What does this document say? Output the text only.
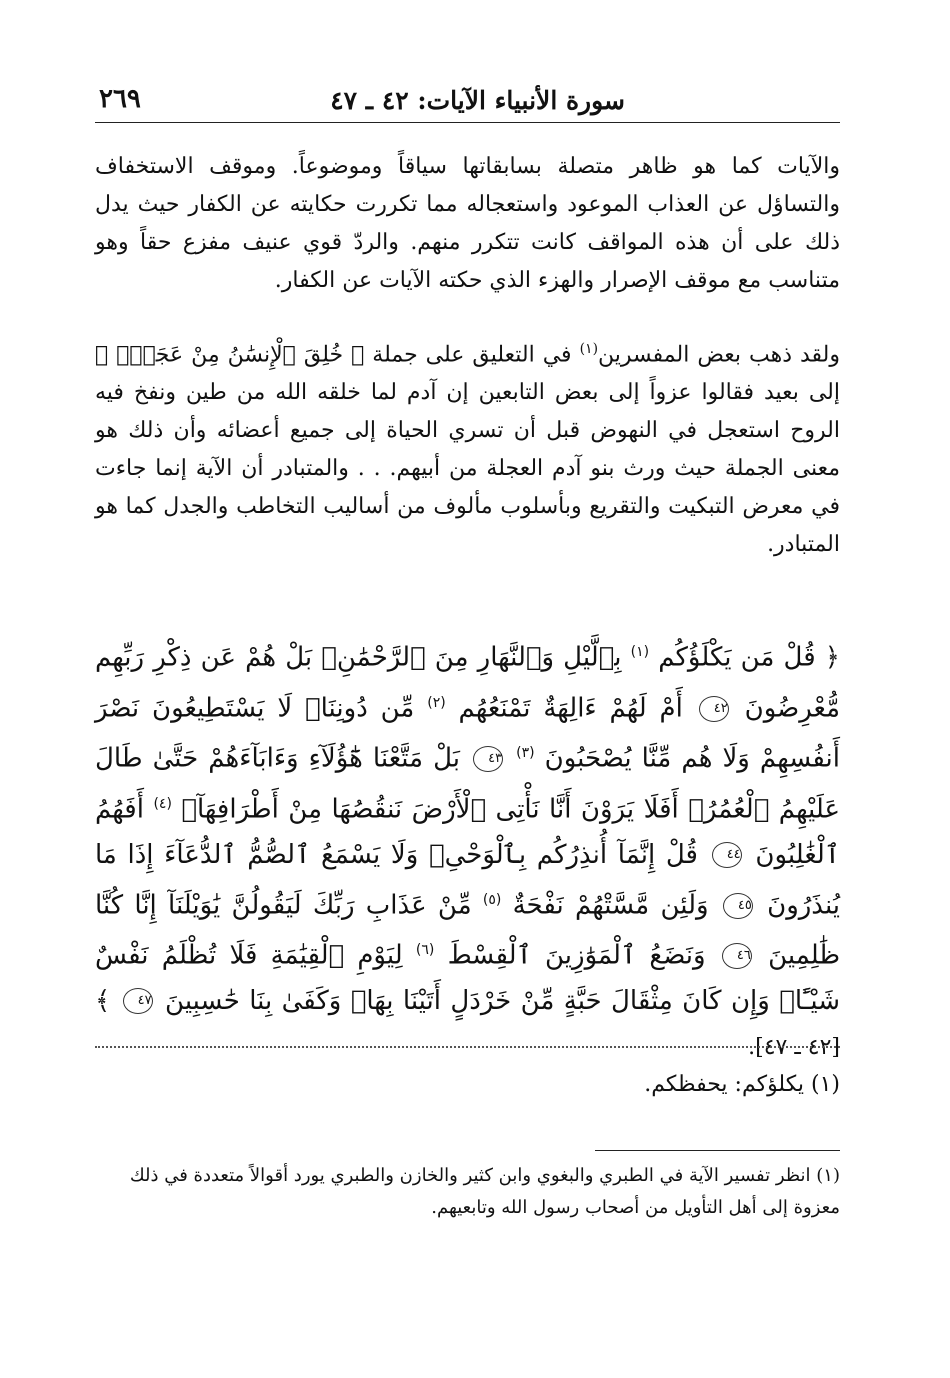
سورة الأنبياء الآيات: ٤٢ ـ ٤٧
٢٦٩

والآيات كما هو ظاهر متصلة بسابقاتها سياقاً وموضوعاً. وموقف الاستخفاف والتساؤل عن العذاب الموعود واستعجاله مما تكررت حكايته عن الكفار حيث يدل ذلك على أن هذه المواقف كانت تتكرر منهم. والردّ قوي عنيف مفزع حقاً وهو متناسب مع موقف الإصرار والهزء الذي حكته الآيات عن الكفار.

ولقد ذهب بعض المفسرين$^{(١)}$ في التعليق على جملة ﴿ خُلِقَ ٱلْإِنسَٰنُ مِنْ عَجَلٍۚ ﴾ إلى بعيد فقالوا عزواً إلى بعض التابعين إن آدم لما خلقه الله من طين ونفخ فيه الروح استعجل في النهوض قبل أن تسري الحياة إلى جميع أعضائه وأن ذلك هو معنى الجملة حيث ورث بنو آدم العجلة من أبيهم. . . والمتبادر أن الآية إنما جاءت في معرض التبكيت والتقريع وبأسلوب مألوف من أساليب التخاطب والجدل كما هو المتبادر.

﴿ قُلْ مَن يَكْلَؤُكُم $^{(١)}$ بِٱلَّيْلِ وَٱلنَّهَارِ مِنَ ٱلرَّحْمَٰنِۗ بَلْ هُمْ عَن ذِكْرِ رَبِّهِم مُّعْرِضُونَ ٤٢ أَمْ لَهُمْ ءَالِهَةٌ تَمْنَعُهُم $^{(٢)}$ مِّن دُونِنَاۚ لَا يَسْتَطِيعُونَ نَصْرَ أَنفُسِهِمْ وَلَا هُم مِّنَّا يُصْحَبُونَ $^{(٣)}$ ٤٣ بَلْ مَتَّعْنَا هَٰٓؤُلَآءِ وَءَابَآءَهُمْ حَتَّىٰ طَالَ عَلَيْهِمُ ٱلْعُمُرُۗ أَفَلَا يَرَوْنَ أَنَّا نَأْتِى ٱلْأَرْضَ نَنقُصُهَا مِنْ أَطْرَافِهَآۚ $^{(٤)}$ أَفَهُمُ ٱلْغَٰلِبُونَ ٤٤ قُلْ إِنَّمَآ أُنذِرُكُم بِٱلْوَحْىِۚ وَلَا يَسْمَعُ ٱلصُّمُّ ٱلدُّعَآءَ إِذَا مَا يُنذَرُونَ ٤٥ وَلَئِن مَّسَّتْهُمْ نَفْحَةٌ $^{(٥)}$ مِّنْ عَذَابِ رَبِّكَ لَيَقُولُنَّ يَٰوَيْلَنَآ إِنَّا كُنَّا ظَٰلِمِينَ ٤٦ وَنَضَعُ ٱلْمَوَٰزِينَ ٱلْقِسْطَ $^{(٦)}$ لِيَوْمِ ٱلْقِيَٰمَةِ فَلَا تُظْلَمُ نَفْسٌ شَيْـًٔاۖ وَإِن كَانَ مِثْقَالَ حَبَّةٍ مِّنْ خَرْدَلٍ أَتَيْنَا بِهَاۗ وَكَفَىٰ بِنَا حَٰسِبِينَ ٤٧ ﴾ [٤٢ ـ ٤٧].

(١) يكلؤكم: يحفظكم.

(١) انظر تفسير الآية في الطبري والبغوي وابن كثير والخازن والطبري يورد أقوالاً متعددة في ذلك معزوة إلى أهل التأويل من أصحاب رسول الله وتابعيهم.
